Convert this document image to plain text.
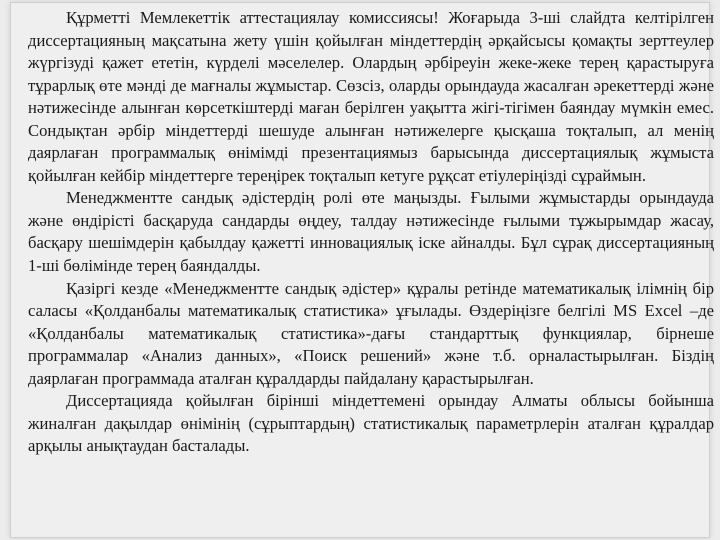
Құрметті Мемлекеттік аттестациялау комиссиясы! Жоғарыда 3-ші слайдта келтірілген диссертацияның мақсатына жету үшін қойылған міндеттердің әрқайсысы қомақты зерттеулер жүргізуді қажет ететін, күрделі мәселелер. Олардың әрбіреуін жеке-жеке терең қарастыруға тұрарлық өте мәнді де мағналы жұмыстар. Сөзсіз, оларды орындауда жасалған әрекеттерді және нәтижесінде алынған көрсеткіштерді маған берілген уақытта жігі-тігімен баяндау мүмкін емес. Сондықтан әрбір міндеттерді шешуде алынған нәтижелерге қысқаша тоқталып, ал менің даярлаған программалық өнімімді презентациямыз барысында диссертациялық жұмыста қойылған кейбір міндеттерге тереңірек тоқталып кетуге рұқсат етіулеріңізді сұраймын.

Менеджментте сандық әдістердің ролі өте маңызды. Ғылыми жұмыстарды орындауда және өндірісті басқаруда сандарды өңдеу, талдау нәтижесінде ғылыми тұжырымдар жасау, басқару шешімдерін қабылдау қажетті инновациялық іске айналды. Бұл сұрақ диссертацияның 1-ші бөлімінде терең баяндалды.

Қазіргі кезде «Менеджментте сандық әдістер» құралы ретінде математикалық ілімнің бір саласы «Қолданбалы математикалық статистика» ұғылады. Өздеріңізге белгілі MS Excel –де «Қолданбалы математикалық статистика»-дағы стандарттық функциялар, бірнеше программалар «Анализ данных», «Поиск решений» және т.б. орналастырылған. Біздің даярлаған программада аталған құралдарды пайдалану қарастырылған.

Диссертацияда қойылған бірінші міндеттемені орындау Алматы облысы бойынша жиналған дақылдар өнімінің (сұрыптардың) статистикалық параметрлерін аталған құралдар арқылы анықтаудан басталады.
